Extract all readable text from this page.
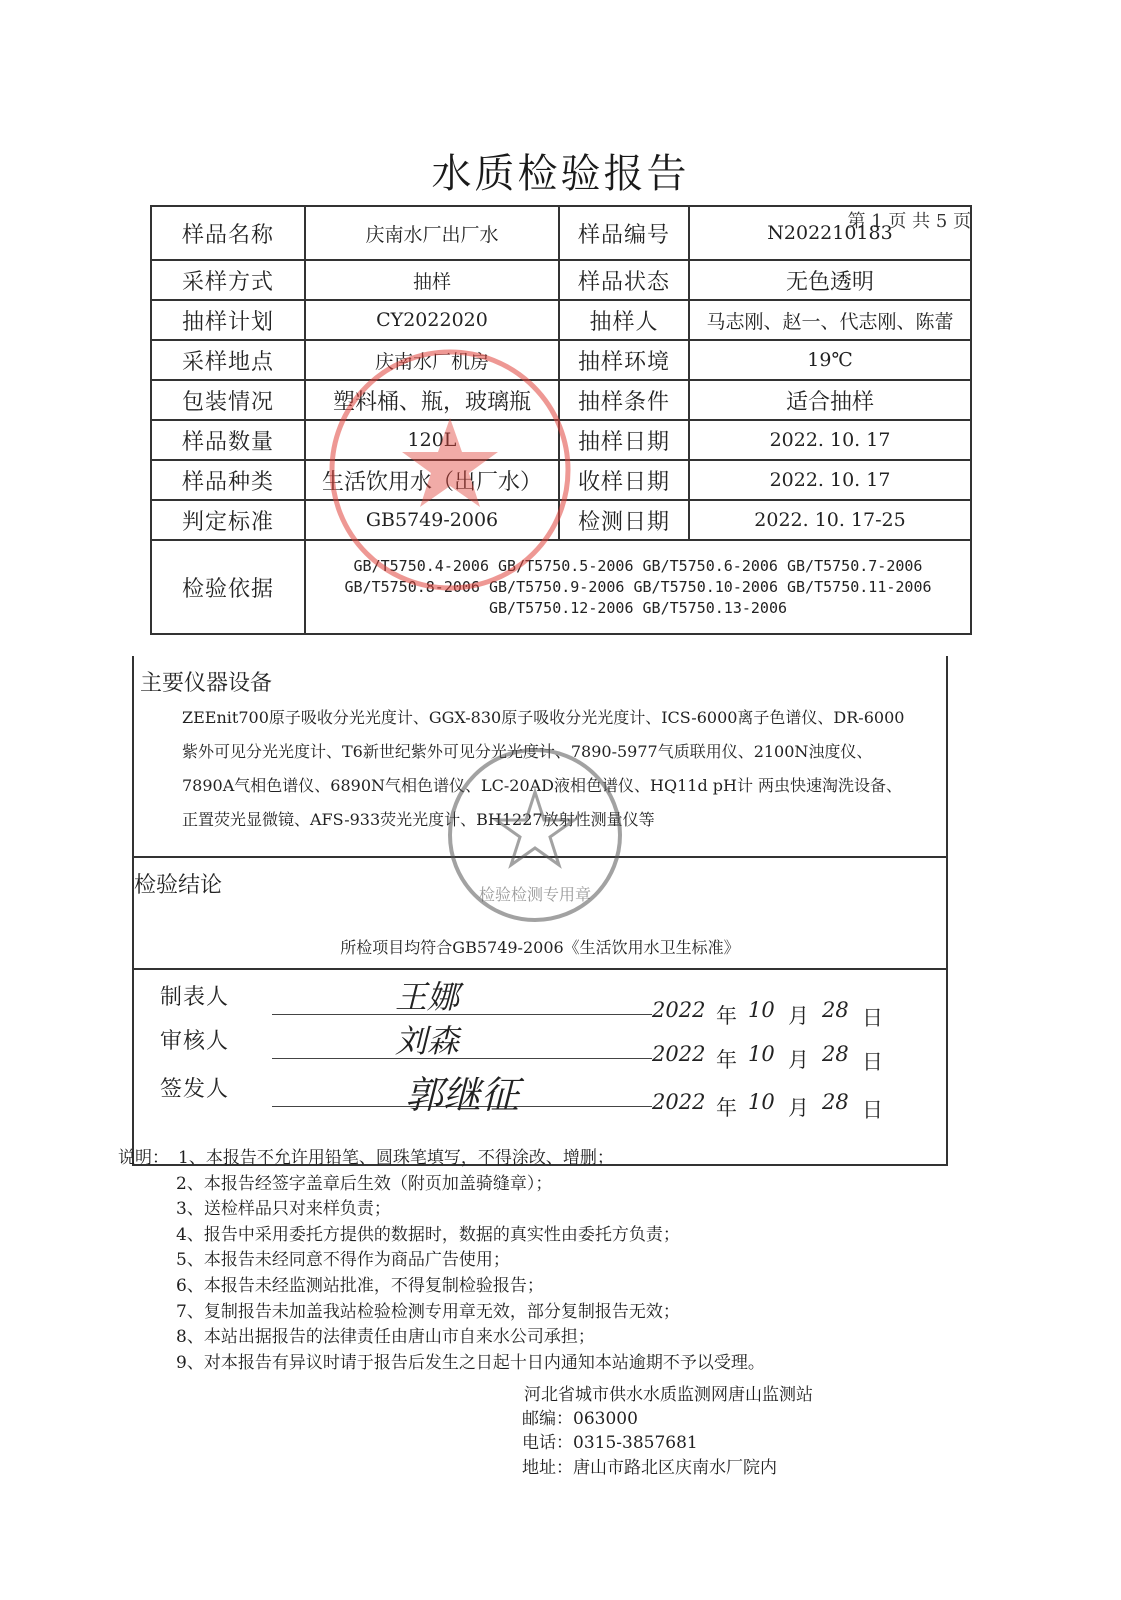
水质检验报告
第 1 页 共 5 页
样品名称	庆南水厂出厂水	样品编号	N202210183
采样方式	抽样	样品状态	无色透明
抽样计划	CY2022020	抽样人	马志刚、赵一、代志刚、陈蕾
采样地点	庆南水厂机房	抽样环境	19℃
包装情况	塑料桶、瓶，玻璃瓶	抽样条件	适合抽样
样品数量	120L	抽样日期	2022. 10. 17
样品种类	生活饮用水（出厂水）	收样日期	2022. 10. 17
判定标准	GB5749-2006	检测日期	2022. 10. 17-25
检验依据	GB/T5750.4-2006 GB/T5750.5-2006 GB/T5750.6-2006 GB/T5750.7-2006
GB/T5750.8-2006 GB/T5750.9-2006 GB/T5750.10-2006 GB/T5750.11-2006
GB/T5750.12-2006 GB/T5750.13-2006		
主要仪器设备
ZEEnit700原子吸收分光光度计、GGX-830原子吸收分光光度计、ICS-6000离子色谱仪、DR-6000紫外可见分光光度计、T6新世纪紫外可见分光光度计、7890-5977气质联用仪、2100N浊度仪、7890A气相色谱仪、6890N气相色谱仪、LC-20AD液相色谱仪、HQ11d pH计 两虫快速淘洗设备、正置荧光显微镜、AFS-933荧光光度计、BH1227放射性测量仪等
检验结论
所检项目均符合GB5749-2006《生活饮用水卫生标准》
制表人	王娜	2022 年 10 月 28 日
审核人	刘森	2022 年 10 月 28 日
签发人	郭继征	2022 年 10 月 28 日
说明： 1、本报告不允许用铅笔、圆珠笔填写，不得涂改、增删；
2、本报告经签字盖章后生效（附页加盖骑缝章）；
3、送检样品只对来样负责；
4、报告中采用委托方提供的数据时，数据的真实性由委托方负责；
5、本报告未经同意不得作为商品广告使用；
6、本报告未经监测站批准，不得复制检验报告；
7、复制报告未加盖我站检验检测专用章无效，部分复制报告无效；
8、本站出据报告的法律责任由唐山市自来水公司承担；
9、对本报告有异议时请于报告后发生之日起十日内通知本站逾期不予以受理。
河北省城市供水水质监测网唐山监测站
邮编：063000
电话：0315-3857681
地址：唐山市路北区庆南水厂院内
检验检测专用章
